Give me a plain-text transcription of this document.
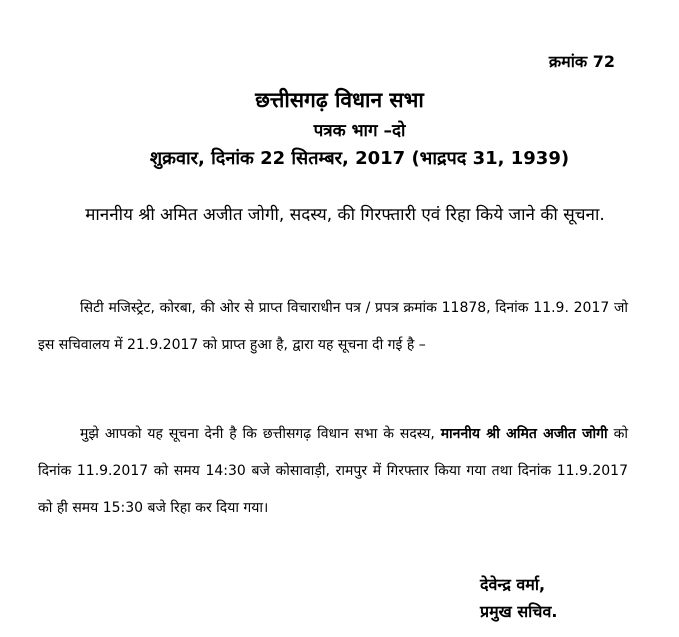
क्रमांक 72
छत्तीसगढ़ विधान सभा
पत्रक भाग –दो
शुक्रवार, दिनांक 22 सितम्बर, 2017 (भाद्रपद 31, 1939)
माननीय श्री अमित अजीत जोगी, सदस्य, की गिरफ्तारी एवं रिहा किये जाने की सूचना.
सिटी मजिस्ट्रेट, कोरबा, की ओर से प्राप्त विचाराधीन पत्र / प्रपत्र क्रमांक 11878, दिनांक 11.9. 2017 जो इस सचिवालय में 21.9.2017 को प्राप्त हुआ है, द्वारा यह सूचना दी गई है –
मुझे आपको यह सूचना देनी है कि छत्तीसगढ़ विधान सभा के सदस्य, माननीय श्री अमित अजीत जोगी को दिनांक 11.9.2017 को समय 14:30 बजे कोसावाड़ी, रामपुर में गिरफ्तार किया गया तथा दिनांक 11.9.2017 को ही समय 15:30 बजे रिहा कर दिया गया।
देवेन्द्र वर्मा,
प्रमुख सचिव.
